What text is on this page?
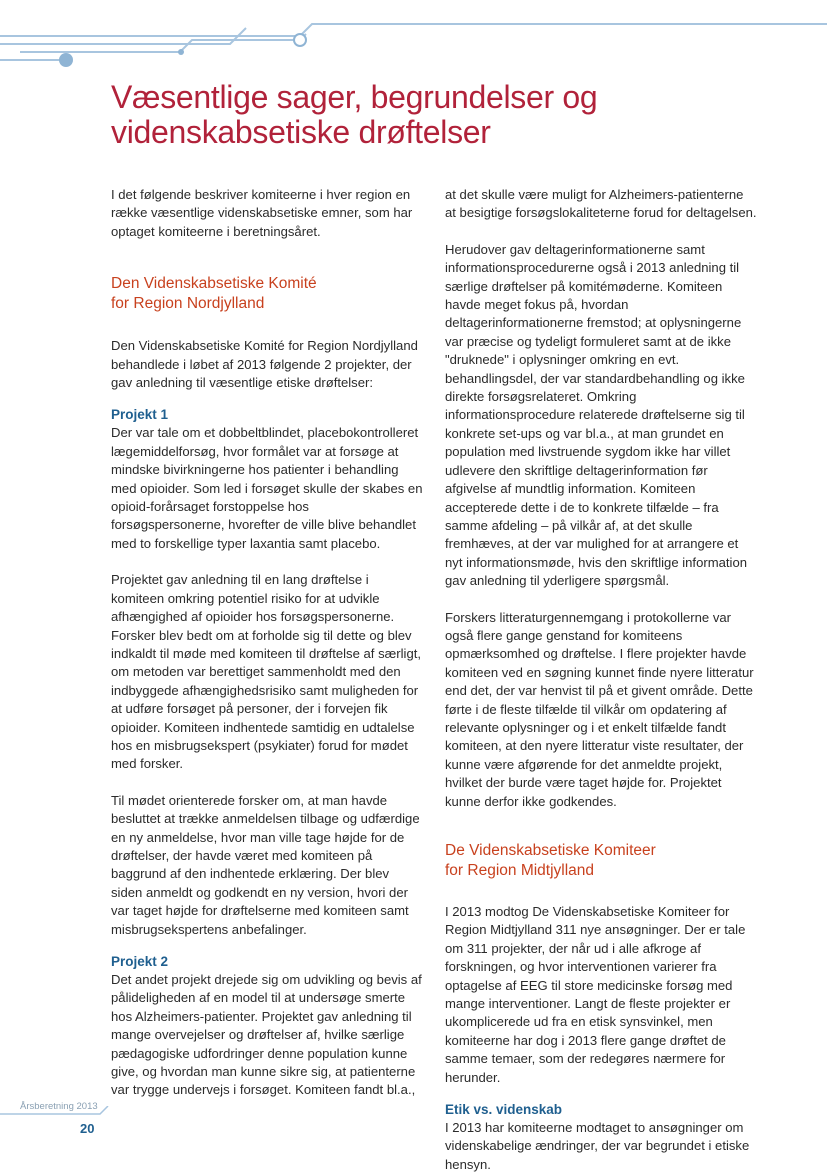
Væsentlige sager, begrundelser og
videnskabsetiske drøftelser

I det følgende beskriver komiteerne i hver region en række væsentlige videnskabsetiske emner, som har optaget komiteerne i beretningsåret.

Den Videnskabsetiske Komité
for Region Nordjylland

Den Videnskabsetiske Komité for Region Nordjylland behandlede i løbet af 2013 følgende 2 projekter, der gav anledning til væsentlige etiske drøftelser:

Projekt 1

Der var tale om et dobbeltblindet, placebokontrolleret lægemiddelforsøg, hvor formålet var at forsøge at mindske bivirkningerne hos patienter i behandling med opioider. Som led i forsøget skulle der skabes en opioid-forårsaget forstoppelse hos forsøgspersonerne, hvorefter de ville blive behandlet med to forskellige typer laxantia samt placebo.

Projektet gav anledning til en lang drøftelse i komiteen omkring potentiel risiko for at udvikle afhængighed af opioider hos forsøgspersonerne. Forsker blev bedt om at forholde sig til dette og blev indkaldt til møde med komiteen til drøftelse af særligt, om metoden var berettiget sammenholdt med den indbyggede afhængighedsrisiko samt muligheden for at udføre forsøget på personer, der i forvejen fik opioider. Komiteen indhentede samtidig en udtalelse hos en misbrugsekspert (psykiater) forud for mødet med forsker.

Til mødet orienterede forsker om, at man havde besluttet at trække anmeldelsen tilbage og udfærdige en ny anmeldelse, hvor man ville tage højde for de drøftelser, der havde været med komiteen på baggrund af den indhentede erklæring. Der blev siden anmeldt og godkendt en ny version, hvori der var taget højde for drøftelserne med komiteen samt misbrugsekspertens anbefalinger.

Projekt 2

Det andet projekt drejede sig om udvikling og bevis af pålideligheden af en model til at undersøge smerte hos Alzheimers-patienter. Projektet gav anledning til mange overvejelser og drøftelser af, hvilke særlige pædagogiske udfordringer denne population kunne give, og hvordan man kunne sikre sig, at patienterne var trygge undervejs i forsøget. Komiteen fandt bl.a.,

at det skulle være muligt for Alzheimers-patienterne at besigtige forsøgslokaliteterne forud for deltagelsen.

Herudover gav deltagerinformationerne samt informationsprocedurerne også i 2013 anledning til særlige drøftelser på komitémøderne. Komiteen havde meget fokus på, hvordan deltagerinformationerne fremstod; at oplysningerne var præcise og tydeligt formuleret samt at de ikke "druknede" i oplysninger omkring en evt. behandlingsdel, der var standardbehandling og ikke direkte forsøgsrelateret. Omkring informationsprocedure relaterede drøftelserne sig til konkrete set-ups og var bl.a., at man grundet en population med livstruende sygdom ikke har villet udlevere den skriftlige deltagerinformation før afgivelse af mundtlig information. Komiteen accepterede dette i de to konkrete tilfælde – fra samme afdeling – på vilkår af, at det skulle fremhæves, at der var mulighed for at arrangere et nyt informationsmøde, hvis den skriftlige information gav anledning til yderligere spørgsmål.

Forskers litteraturgennemgang i protokollerne var også flere gange genstand for komiteens opmærksomhed og drøftelse. I flere projekter havde komiteen ved en søgning kunnet finde nyere litteratur end det, der var henvist til på et givent område. Dette førte i de fleste tilfælde til vilkår om opdatering af relevante oplysninger og i et enkelt tilfælde fandt komiteen, at den nyere litteratur viste resultater, der kunne være afgørende for det anmeldte projekt, hvilket der burde være taget højde for. Projektet kunne derfor ikke godkendes.

De Videnskabsetiske Komiteer
for Region Midtjylland

I 2013 modtog De Videnskabsetiske Komiteer for Region Midtjylland 311 nye ansøgninger. Der er tale om 311 projekter, der når ud i alle afkroge af forskningen, og hvor interventionen varierer fra optagelse af EEG til store medicinske forsøg med mange interventioner. Langt de fleste projekter er ukomplicerede ud fra en etisk synsvinkel, men komiteerne har dog i 2013 flere gange drøftet de samme temaer, som der redegøres nærmere for herunder.

Etik vs. videnskab

I 2013 har komiteerne modtaget to ansøgninger om videnskabelige ændringer, der var begrundet i etiske hensyn.

Årsberetning 2013
20
